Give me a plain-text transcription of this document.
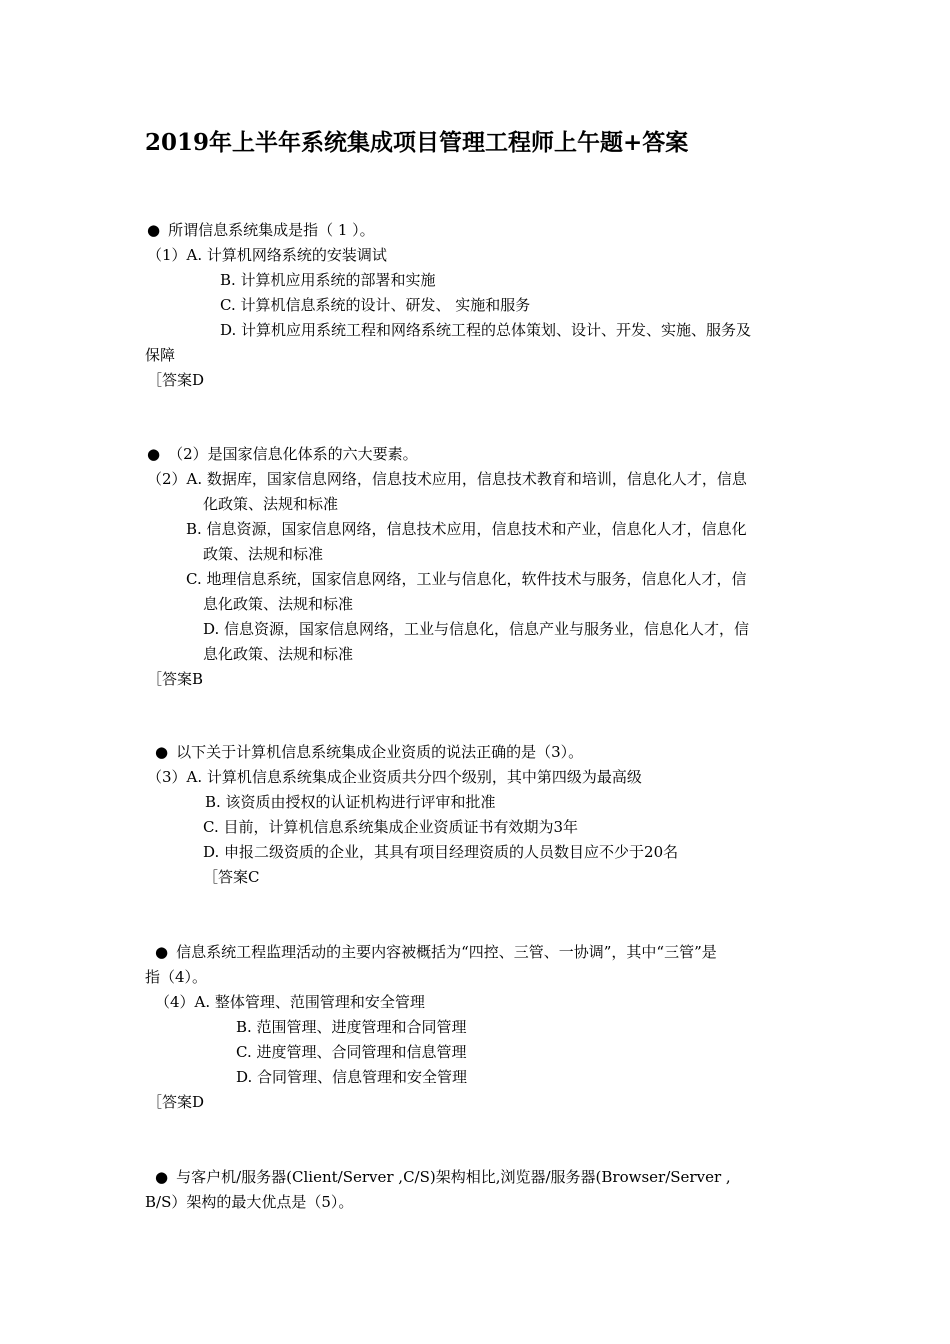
2019年上半年系统集成项目管理工程师上午题+答案
● 所谓信息系统集成是指（ 1 ）。
（1）A. 计算机网络系统的安装调试
B. 计算机应用系统的部署和实施
C. 计算机信息系统的设计、研发、 实施和服务
D. 计算机应用系统工程和网络系统工程的总体策划、设计、开发、实施、服务及
保障
［答案D
● （2）是国家信息化体系的六大要素。
（2）A. 数据库，国家信息网络，信息技术应用，信息技术教育和培训，信息化人才，信息
化政策、法规和标准
B. 信息资源，国家信息网络，信息技术应用，信息技术和产业，信息化人才，信息化
政策、法规和标准
C. 地理信息系统，国家信息网络，工业与信息化，软件技术与服务，信息化人才，信
息化政策、法规和标准
D. 信息资源，国家信息网络，工业与信息化，信息产业与服务业，信息化人才，信
息化政策、法规和标准
［答案B
● 以下关于计算机信息系统集成企业资质的说法正确的是（3）。
（3）A. 计算机信息系统集成企业资质共分四个级别，其中第四级为最高级
B. 该资质由授权的认证机构进行评审和批准
C. 目前，计算机信息系统集成企业资质证书有效期为3年
D. 申报二级资质的企业，其具有项目经理资质的人员数目应不少于20名
［答案C
● 信息系统工程监理活动的主要内容被概括为“四控、三管、一协调”，其中“三管”是
指（4）。
（4）A. 整体管理、范围管理和安全管理
B. 范围管理、进度管理和合同管理
C. 进度管理、合同管理和信息管理
D. 合同管理、信息管理和安全管理
［答案D
● 与客户机/服务器(Client/Server ,C/S)架构相比,浏览器/服务器(Browser/Server ,
B/S）架构的最大优点是（5）。
